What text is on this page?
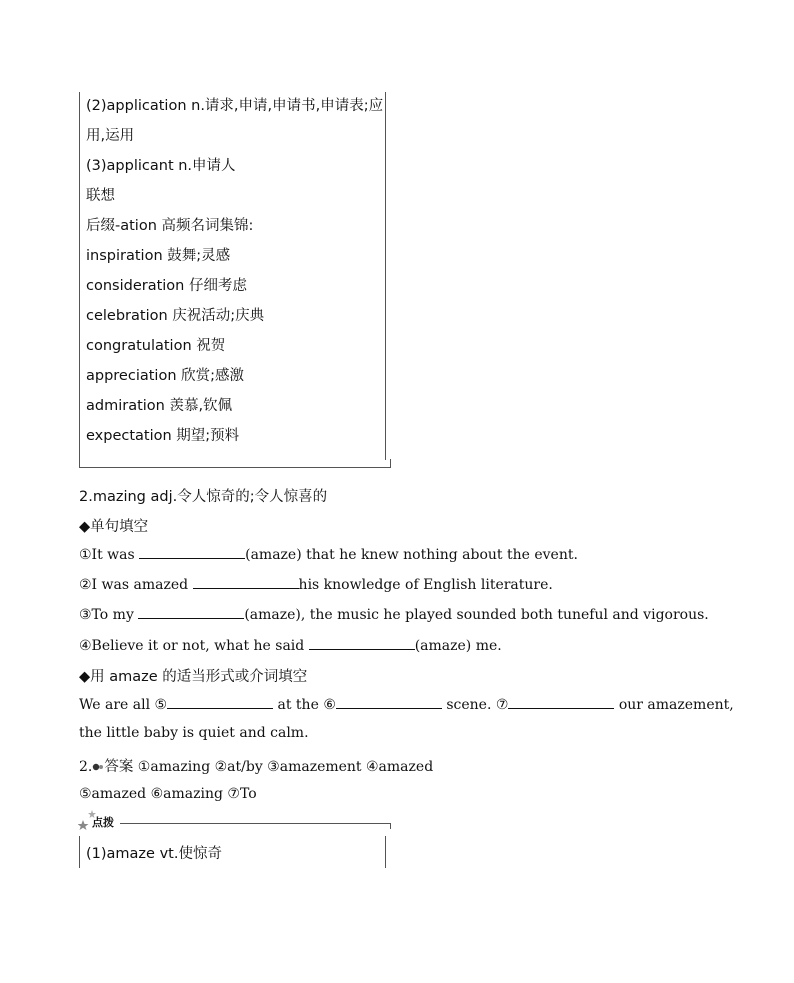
(2)application n.请求,申请,申请书,申请表;应
用,运用
(3)applicant n.申请人
联想
后缀-ation 高频名词集锦:
inspiration 鼓舞;灵感
consideration 仔细考虑
celebration 庆祝活动;庆典
congratulation 祝贺
appreciation 欣赏;感激
admiration 羡慕,钦佩
expectation 期望;预料
2.mazing adj.令人惊奇的;令人惊喜的
◆单句填空
①It was	(amaze) that he knew nothing about the event.
②I was amazed	his knowledge of English literature.
③To my	(amaze), the music he played sounded both tuneful and vigorous.
④Believe it or not, what he said	(amaze) me.
◆用 amaze 的适当形式或介词填空
We are all ⑤	at the ⑥	scene. ⑦	our amazement,
the little baby is quiet and calm.
2. 答案 ①amazing ②at/by ③amazement ④amazed
⑤amazed ⑥amazing ⑦To
点拨
(1)amaze vt.使惊奇
